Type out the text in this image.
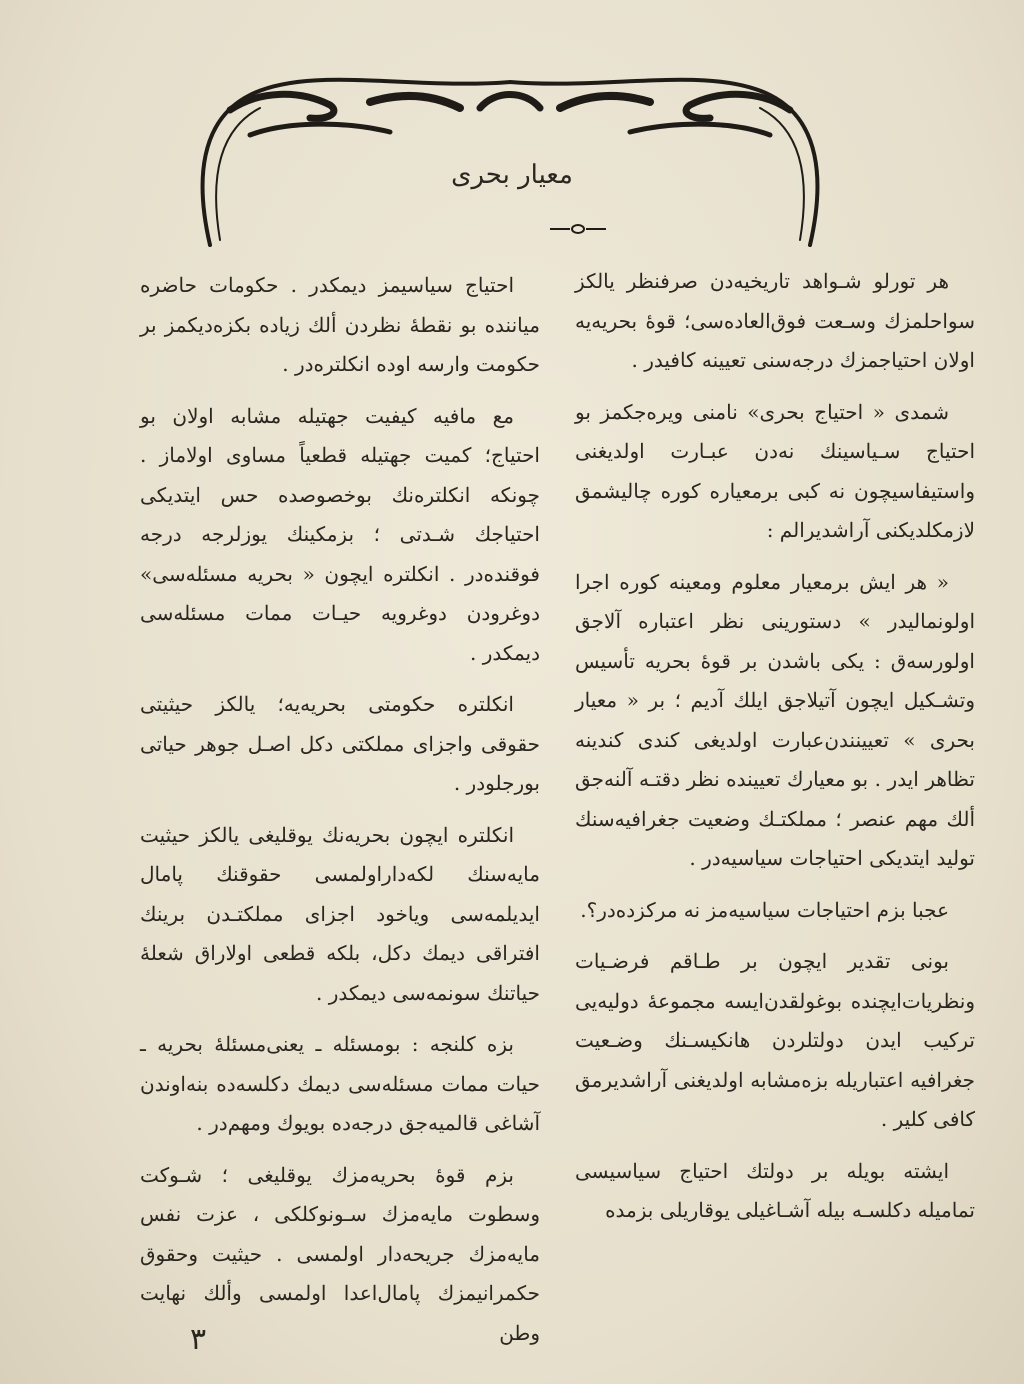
معیار بحری

هر تورلو شـواهد تاریخیه‌دن صرفنظر یالکز سواحلمزك وسـعت فوق‌العاده‌سی؛ قوهٔ بحریه‌یه اولان احتیاجمزك درجه‌سنی تعیینه کافیدر .

شمدی « احتیاج بحری» نامنی ویره‌جکمز بو احتیاج سـیاسینك نه‌دن عبـارت اولدیغنی واستیفاسیچون نه کبی برمعیاره کوره چالیشمق لازمکلدیکنی آراشدیرالم :

« هر ایش برمعیار معلوم ومعینه کوره اجرا اولونمالیدر » دستورینی نظر اعتباره آلاجق اولورسه‌ق : یکی باشدن بر قوهٔ بحریه تأسیس وتشـکیل ایچون آتیلاجق ایلك آدیم ؛ بر « معیار بحری » تعیینندن‌عبارت اولدیغی کندی کندینه تظاهر ایدر . بو معیارك تعیینده نظر دقتـه آلنه‌جق ألك مهم عنصر ؛ مملکتـك وضعیت جغرافیه‌سنك تولید ایتدیکی احتیاجات سیاسیه‌در .

عجبا بزم احتیاجات سیاسیه‌مز نه مرکزده‌در؟.

بونی تقدیر ایچون بر طـاقم فرضـیات ونظریات‌ایچنده بوغولقدن‌ایسه مجموعهٔ دولیه‌یی ترکیب ایدن دولتلردن هانکیسـنك وضـعیت جغرافیه اعتباریله بزه‌مشابه اولدیغنی آراشدیرمق کافی کلیر .

ایشته بویله بر دولتك احتیاج سیاسیسی تمامیله دکلسـه بیله آشـاغیلی یوقاریلی بزمده

احتیاج سیاسیمز دیمکدر . حکومات حاضره میاننده بو نقطهٔ نظردن ألك زیاده بکزه‌دیکمز بر حکومت وارسه اوده انکلتره‌در .

مع مافیه کیفیت جهتیله مشابه اولان بو احتیاج؛ کمیت جهتیله قطعیاً مساوی اولاماز . چونکه انکلتره‌نك بوخصوصده حس ایتدیکی احتیاجك شـدتی ؛ بزمکینك یوزلرجه درجه فوقنده‌در . انکلتره ایچون « بحریه مسئله‌سی» دوغرودن دوغرویه حیـات ممات مسئله‌سی دیمکدر .

انکلتره حکومتی بحریه‌یه؛ یالکز حیثیتی حقوقی واجزای مملکتی دکل اصـل جوهر حیاتی بورجلودر .

انکلتره ایچون بحریه‌نك یوقلیغی یالکز حیثیت مایه‌سنك لکه‌داراولمسی حقوقنك پامال ایدیلمه‌سی ویاخود اجزای مملکتـدن برینك افتراقی دیمك دکل، بلکه قطعی اولاراق شعلهٔ حیاتنك سونمه‌سی دیمکدر .

بزه کلنجه : بومسئله ـ یعنی‌مسئلهٔ بحریه ـ حیات ممات مسئله‌سی دیمك دکلسه‌ده بنه‌اوندن آشاغی قالمیه‌جق درجه‌ده بویوك ومهم‌در .

بزم قوهٔ بحریه‌مزك یوقلیغی ؛ شـوکت وسطوت مایه‌مزك سـونوکلکی ، عزت نفس مایه‌مزك جریحه‌دار اولمسی . حیثیت وحقوق حکمرانیمزك پامال‌اعدا اولمسی وألك نهایت وطن

٣
